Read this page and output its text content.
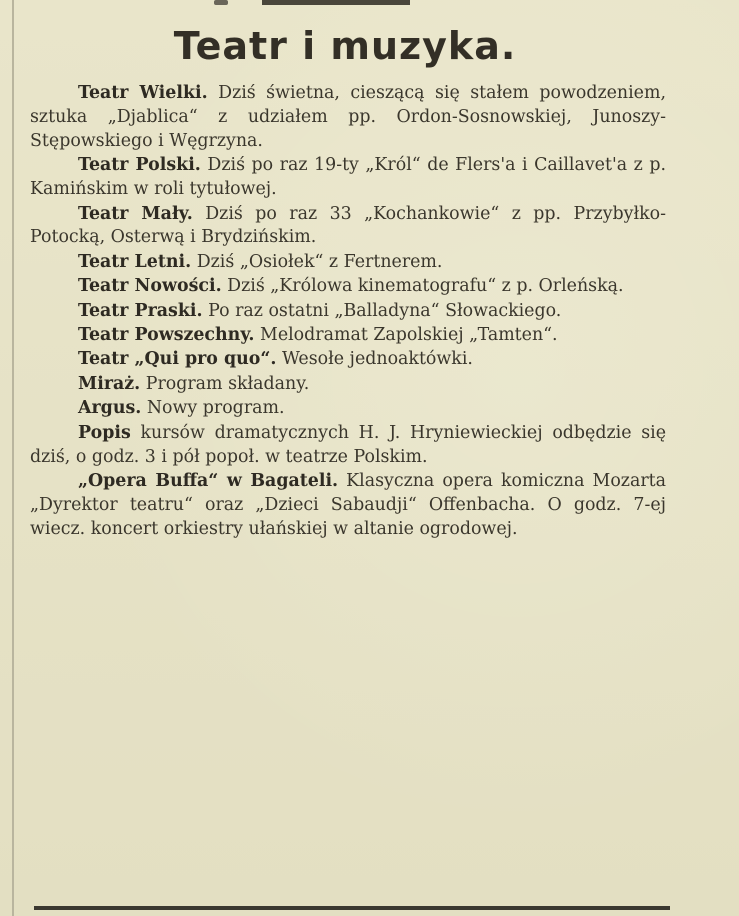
Teatr i muzyka.

Teatr Wielki. Dziś świetna, cieszącą się stałem powodzeniem, sztuka „Djablica“ z udziałem pp. Ordon-Sosnowskiej, Junoszy-Stępowskiego i Węgrzyna.

Teatr Polski. Dziś po raz 19-ty „Król“ de Flers'a i Caillavet'a z p. Kamińskim w roli tytułowej.

Teatr Mały. Dziś po raz 33 „Kochankowie“ z pp. Przybyłko-Potocką, Osterwą i Brydzińskim.

Teatr Letni. Dziś „Osiołek“ z Fertnerem.

Teatr Nowości. Dziś „Królowa kinematografu“ z p. Orleńską.

Teatr Praski. Po raz ostatni „Balladyna“ Słowackiego.

Teatr Powszechny. Melodramat Zapolskiej „Tamten“.

Teatr „Qui pro quo“. Wesołe jednoaktówki.

Miraż. Program składany.

Argus. Nowy program.

Popis kursów dramatycznych H. J. Hryniewieckiej odbędzie się dziś, o godz. 3 i pół popoł. w teatrze Polskim.

„Opera Buffa“ w Bagateli. Klasyczna opera komiczna Mozarta „Dyrektor teatru“ oraz „Dzieci Sabaudji“ Offenbacha. O godz. 7-ej wiecz. koncert orkiestry ułańskiej w altanie ogrodowej.
